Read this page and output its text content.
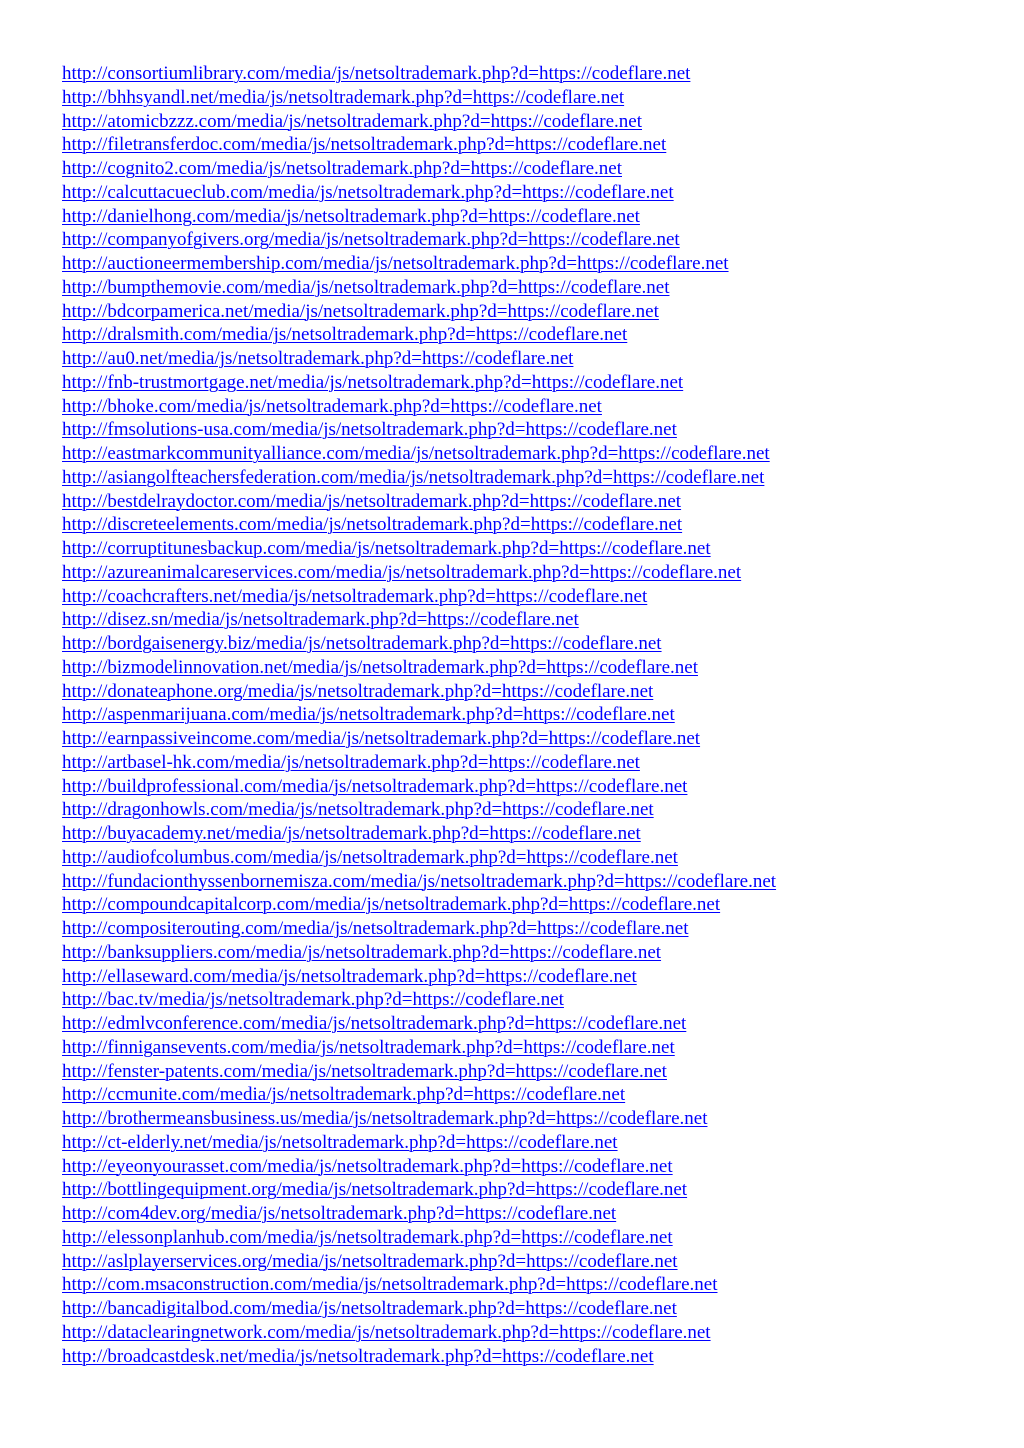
http://consortiumlibrary.com/media/js/netsoltrademark.php?d=https://codeflare.net
http://bhhsyandl.net/media/js/netsoltrademark.php?d=https://codeflare.net
http://atomicbzzz.com/media/js/netsoltrademark.php?d=https://codeflare.net
http://filetransferdoc.com/media/js/netsoltrademark.php?d=https://codeflare.net
http://cognito2.com/media/js/netsoltrademark.php?d=https://codeflare.net
http://calcuttacueclub.com/media/js/netsoltrademark.php?d=https://codeflare.net
http://danielhong.com/media/js/netsoltrademark.php?d=https://codeflare.net
http://companyofgivers.org/media/js/netsoltrademark.php?d=https://codeflare.net
http://auctioneermembership.com/media/js/netsoltrademark.php?d=https://codeflare.net
http://bumpthemovie.com/media/js/netsoltrademark.php?d=https://codeflare.net
http://bdcorpamerica.net/media/js/netsoltrademark.php?d=https://codeflare.net
http://dralsmith.com/media/js/netsoltrademark.php?d=https://codeflare.net
http://au0.net/media/js/netsoltrademark.php?d=https://codeflare.net
http://fnb-trustmortgage.net/media/js/netsoltrademark.php?d=https://codeflare.net
http://bhoke.com/media/js/netsoltrademark.php?d=https://codeflare.net
http://fmsolutions-usa.com/media/js/netsoltrademark.php?d=https://codeflare.net
http://eastmarkcommunityalliance.com/media/js/netsoltrademark.php?d=https://codeflare.net
http://asiangolfteachersfederation.com/media/js/netsoltrademark.php?d=https://codeflare.net
http://bestdelraydoctor.com/media/js/netsoltrademark.php?d=https://codeflare.net
http://discreteelements.com/media/js/netsoltrademark.php?d=https://codeflare.net
http://corruptitunesbackup.com/media/js/netsoltrademark.php?d=https://codeflare.net
http://azureanimalcareservices.com/media/js/netsoltrademark.php?d=https://codeflare.net
http://coachcrafters.net/media/js/netsoltrademark.php?d=https://codeflare.net
http://disez.sn/media/js/netsoltrademark.php?d=https://codeflare.net
http://bordgaisenergy.biz/media/js/netsoltrademark.php?d=https://codeflare.net
http://bizmodelinnovation.net/media/js/netsoltrademark.php?d=https://codeflare.net
http://donateaphone.org/media/js/netsoltrademark.php?d=https://codeflare.net
http://aspenmarijuana.com/media/js/netsoltrademark.php?d=https://codeflare.net
http://earnpassiveincome.com/media/js/netsoltrademark.php?d=https://codeflare.net
http://artbasel-hk.com/media/js/netsoltrademark.php?d=https://codeflare.net
http://buildprofessional.com/media/js/netsoltrademark.php?d=https://codeflare.net
http://dragonhowls.com/media/js/netsoltrademark.php?d=https://codeflare.net
http://buyacademy.net/media/js/netsoltrademark.php?d=https://codeflare.net
http://audiofcolumbus.com/media/js/netsoltrademark.php?d=https://codeflare.net
http://fundacionthyssenbornemisza.com/media/js/netsoltrademark.php?d=https://codeflare.net
http://compoundcapitalcorp.com/media/js/netsoltrademark.php?d=https://codeflare.net
http://compositerouting.com/media/js/netsoltrademark.php?d=https://codeflare.net
http://banksuppliers.com/media/js/netsoltrademark.php?d=https://codeflare.net
http://ellaseward.com/media/js/netsoltrademark.php?d=https://codeflare.net
http://bac.tv/media/js/netsoltrademark.php?d=https://codeflare.net
http://edmlvconference.com/media/js/netsoltrademark.php?d=https://codeflare.net
http://finnigansevents.com/media/js/netsoltrademark.php?d=https://codeflare.net
http://fenster-patents.com/media/js/netsoltrademark.php?d=https://codeflare.net
http://ccmunite.com/media/js/netsoltrademark.php?d=https://codeflare.net
http://brothermeansbusiness.us/media/js/netsoltrademark.php?d=https://codeflare.net
http://ct-elderly.net/media/js/netsoltrademark.php?d=https://codeflare.net
http://eyeonyourasset.com/media/js/netsoltrademark.php?d=https://codeflare.net
http://bottlingequipment.org/media/js/netsoltrademark.php?d=https://codeflare.net
http://com4dev.org/media/js/netsoltrademark.php?d=https://codeflare.net
http://elessonplanhub.com/media/js/netsoltrademark.php?d=https://codeflare.net
http://aslplayerservices.org/media/js/netsoltrademark.php?d=https://codeflare.net
http://com.msaconstruction.com/media/js/netsoltrademark.php?d=https://codeflare.net
http://bancadigitalbod.com/media/js/netsoltrademark.php?d=https://codeflare.net
http://dataclearingnetwork.com/media/js/netsoltrademark.php?d=https://codeflare.net
http://broadcastdesk.net/media/js/netsoltrademark.php?d=https://codeflare.net
